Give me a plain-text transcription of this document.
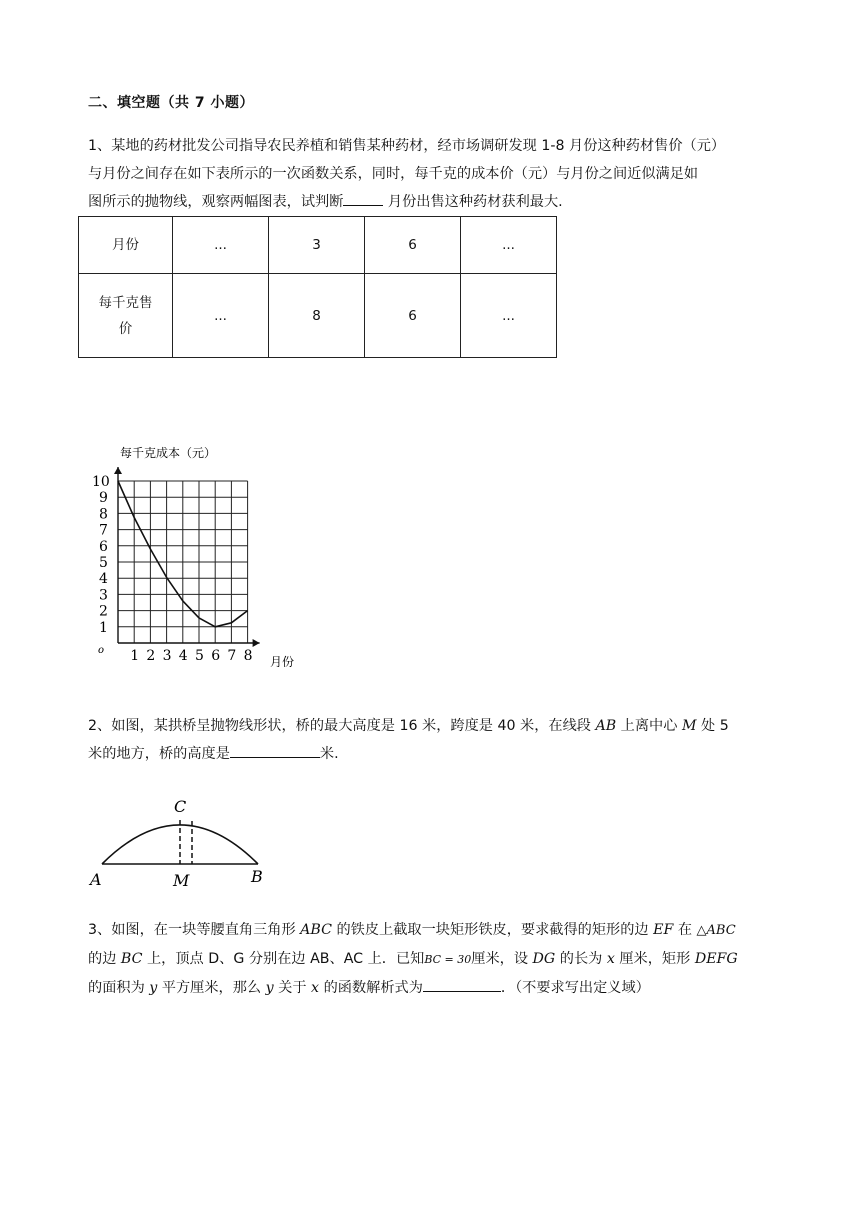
二、填空题（共 7 小题）
1、某地的药材批发公司指导农民养植和销售某种药材，经市场调研发现 1-8 月份这种药材售价（元）
与月份之间存在如下表所示的一次函数关系，同时，每千克的成本价（元）与月份之间近似满足如
图所示的抛物线，观察两幅图表，试判断	月份出售这种药材获利最大.
月份	...	3	6	...

每千克售
价	...	8	6	...
1 2 3 4 5 6 7 8
1
2
3
4
5
6
7
8
9
10
每千克成本（元）
月份
o
2、如图，某拱桥呈抛物线形状，桥的最大高度是 16 米，跨度是 40 米，在线段 AB 上离中心 M 处 5
米的地方，桥的高度是	米.
C
A	M	B
3、如图，在一块等腰直角三角形 ABC 的铁皮上截取一块矩形铁皮，要求截得的矩形的边 EF 在 △ABC
的边 BC 上，顶点 D、G 分别在边 AB、AC 上．已知BC = 30厘米，设 DG 的长为 x 厘米，矩形 DEFG
的面积为 y 平方厘米，那么 y 关于 x 的函数解析式为	．（不要求写出定义域）
